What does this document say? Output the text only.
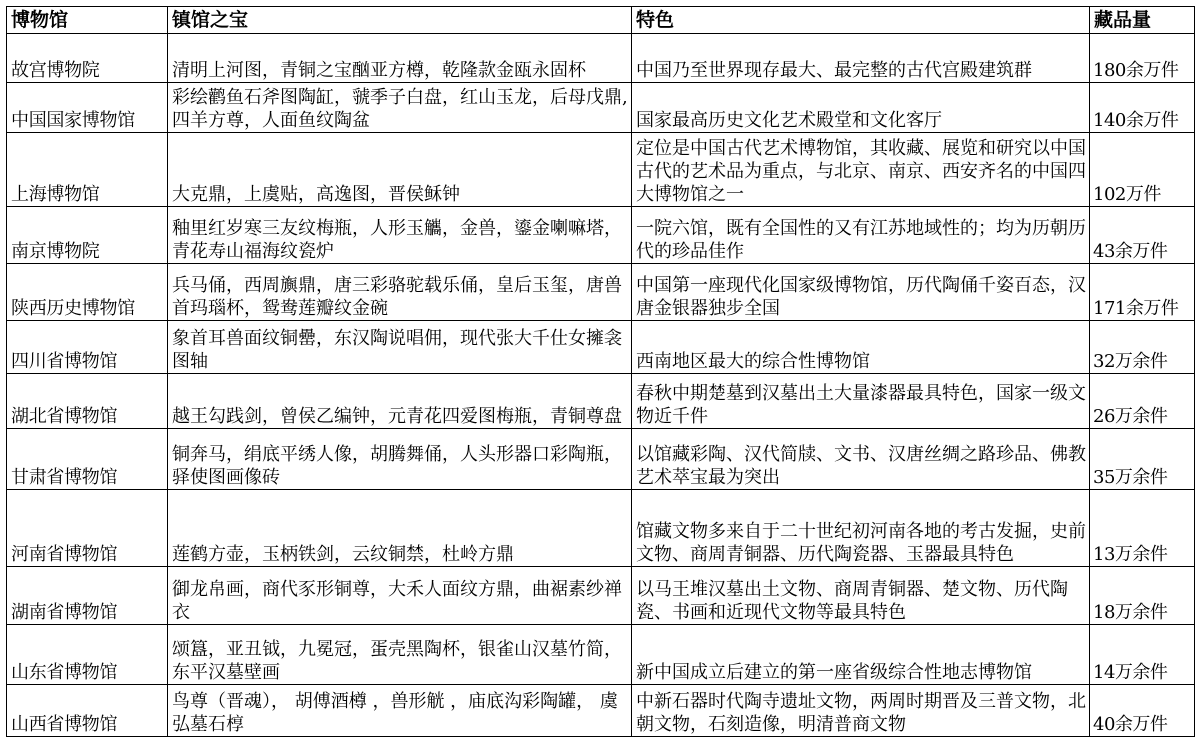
博物馆	镇馆之宝	特色	藏品量
故宫博物院	清明上河图，青铜之宝酗亚方樽，乾隆款金瓯永固杯	中国乃至世界现存最大、最完整的古代宫殿建筑群	180余万件
中国国家博物馆	彩绘鹳鱼石斧图陶缸，虢季子白盘，红山玉龙，后母戊鼎,四羊方尊，人面鱼纹陶盆	国家最高历史文化艺术殿堂和文化客厅	140余万件
上海博物馆	大克鼎，上虞贴，高逸图，晋侯稣钟	定位是中国古代艺术博物馆，其收藏、展览和研究以中国古代的艺术品为重点，与北京、南京、西安齐名的中国四大博物馆之一	102万件
南京博物院	釉里红岁寒三友纹梅瓶，人形玉觿，金兽，鎏金喇嘛塔，青花寿山福海纹瓷炉	一院六馆，既有全国性的又有江苏地域性的；均为历朝历代的珍品佳作	43余万件
陕西历史博物馆	兵马俑，西周旟鼎，唐三彩骆驼载乐俑，皇后玉玺，唐兽首玛瑙杯，鸳鸯莲瓣纹金碗	中国第一座现代化国家级博物馆，历代陶俑千姿百态，汉唐金银器独步全国	171余万件
四川省博物馆	象首耳兽面纹铜罍，东汉陶说唱佣，现代张大千仕女擁衾图轴	西南地区最大的综合性博物馆	32万余件
湖北省博物馆	越王勾践剑，曾侯乙编钟，元青花四爱图梅瓶，青铜尊盘	春秋中期楚墓到汉墓出土大量漆器最具特色，国家一级文物近千件	26万余件
甘肃省博物馆	铜奔马，绢底平绣人像，胡腾舞俑，人头形器口彩陶瓶，驿使图画像砖	以馆藏彩陶、汉代简牍、文书、汉唐丝绸之路珍品、佛教艺术萃宝最为突出	35万余件
河南省博物馆	莲鹤方壶，玉柄铁剑，云纹铜禁，杜岭方鼎	馆藏文物多来自于二十世纪初河南各地的考古发掘，史前文物、商周青铜器、历代陶瓷器、玉器最具特色	13万余件
湖南省博物馆	御龙帛画，商代豕形铜尊，大禾人面纹方鼎，曲裾素纱禅衣	以马王堆汉墓出土文物、商周青铜器、楚文物、历代陶瓷、书画和近现代文物等最具特色	18万余件
山东省博物馆	颂簋，亚丑钺，九冕冠，蛋壳黑陶杯，银雀山汉墓竹简，东平汉墓壁画	新中国成立后建立的第一座省级综合性地志博物馆	14万余件
山西省博物馆	鸟尊（晋魂）， 胡傅酒樽 ，兽形觥 ，庙底沟彩陶罐， 虞弘墓石椁	中新石器时代陶寺遗址文物，两周时期晋及三普文物，北朝文物，石刻造像，明清普商文物	40余万件
